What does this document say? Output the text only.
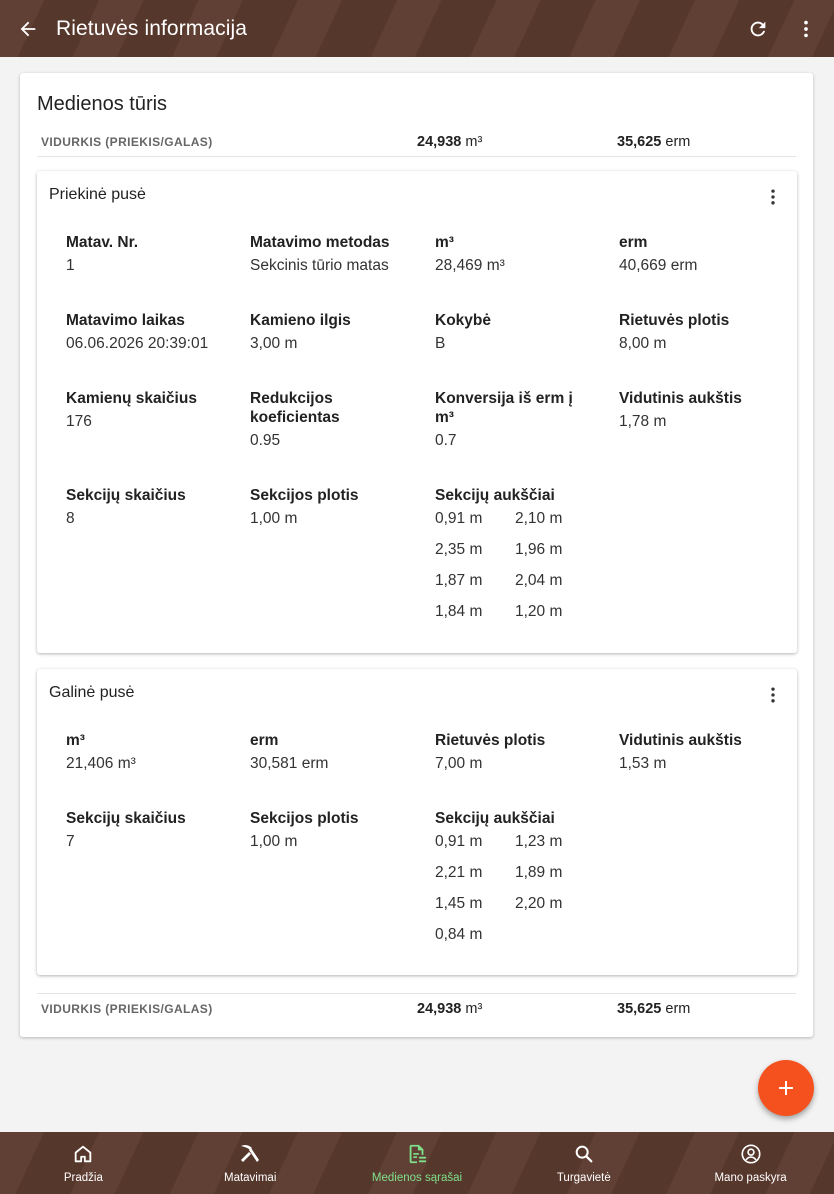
Rietuvės informacija
Medienos tūris
VIDURKIS (PRIEKIS/GALAS)	24,938 m³	35,625 erm
Priekinė pusė
Matav. Nr.
1
Matavimo metodas
Sekcinis tūrio matas
m³
28,469 m³
erm
40,669 erm
Matavimo laikas
06.06.2026 20:39:01
Kamieno ilgis
3,00 m
Kokybė
B
Rietuvės plotis
8,00 m
Kamienų skaičius
176
Redukcijos koeficientas
0.95
Konversija iš erm į m³
0.7
Vidutinis aukštis
1,78 m
Sekcijų skaičius
8
Sekcijos plotis
1,00 m
Sekcijų aukščiai
0,91 m	2,10 m
2,35 m	1,96 m
1,87 m	2,04 m
1,84 m	1,20 m
Galinė pusė
m³
21,406 m³
erm
30,581 erm
Rietuvės plotis
7,00 m
Vidutinis aukštis
1,53 m
Sekcijų skaičius
7
Sekcijos plotis
1,00 m
Sekcijų aukščiai
0,91 m	1,23 m
2,21 m	1,89 m
1,45 m	2,20 m
0,84 m
VIDURKIS (PRIEKIS/GALAS)	24,938 m³	35,625 erm
Pradžia	Matavimai	Medienos sąrašai	Turgavietė	Mano paskyra
